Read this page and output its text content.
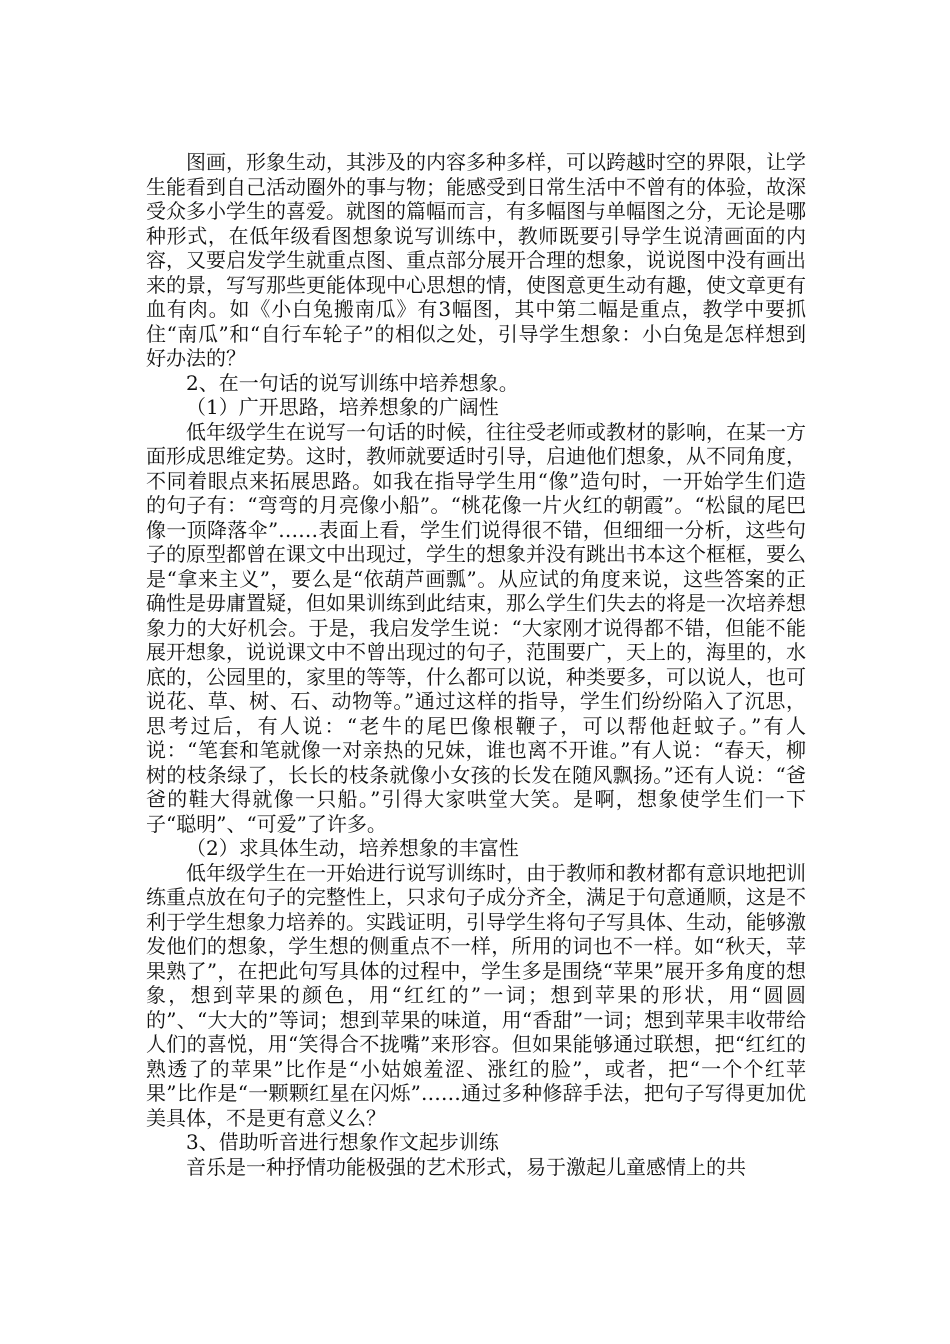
图画，形象生动，其涉及的内容多种多样，可以跨越时空的界限，让学生能看到自己活动圈外的事与物；能感受到日常生活中不曾有的体验，故深受众多小学生的喜爱。就图的篇幅而言，有多幅图与单幅图之分，无论是哪种形式，在低年级看图想象说写训练中，教师既要引导学生说清画面的内容，又要启发学生就重点图、重点部分展开合理的想象，说说图中没有画出来的景，写写那些更能体现中心思想的情，使图意更生动有趣，使文章更有血有肉。如《小白兔搬南瓜》有3幅图，其中第二幅是重点，教学中要抓住“南瓜”和“自行车轮子”的相似之处，引导学生想象：小白兔是怎样想到好办法的？

2、在一句话的说写训练中培养想象。

（1）广开思路，培养想象的广阔性

低年级学生在说写一句话的时候，往往受老师或教材的影响，在某一方面形成思维定势。这时，教师就要适时引导，启迪他们想象，从不同角度，不同着眼点来拓展思路。如我在指导学生用“像”造句时，一开始学生们造的句子有：“弯弯的月亮像小船”。“桃花像一片火红的朝霞”。“松鼠的尾巴像一顶降落伞”……表面上看，学生们说得很不错，但细细一分析，这些句子的原型都曾在课文中出现过，学生的想象并没有跳出书本这个框框，要么是“拿来主义”，要么是“依葫芦画瓢”。从应试的角度来说，这些答案的正确性是毋庸置疑，但如果训练到此结束，那么学生们失去的将是一次培养想象力的大好机会。于是，我启发学生说：“大家刚才说得都不错，但能不能展开想象，说说课文中不曾出现过的句子，范围要广，天上的，海里的，水底的，公园里的，家里的等等，什么都可以说，种类要多，可以说人，也可说花、草、树、石、动物等。”通过这样的指导，学生们纷纷陷入了沉思，思考过后，有人说：“老牛的尾巴像根鞭子，可以帮他赶蚊子。”有人说：“笔套和笔就像一对亲热的兄妹，谁也离不开谁。”有人说：“春天，柳树的枝条绿了，长长的枝条就像小女孩的长发在随风飘扬。”还有人说：“爸爸的鞋大得就像一只船。”引得大家哄堂大笑。是啊，想象使学生们一下子“聪明”、“可爱”了许多。

（2）求具体生动，培养想象的丰富性

低年级学生在一开始进行说写训练时，由于教师和教材都有意识地把训练重点放在句子的完整性上，只求句子成分齐全，满足于句意通顺，这是不利于学生想象力培养的。实践证明，引导学生将句子写具体、生动，能够激发他们的想象，学生想的侧重点不一样，所用的词也不一样。如“秋天，苹果熟了”，在把此句写具体的过程中，学生多是围绕“苹果”展开多角度的想象，想到苹果的颜色，用“红红的”一词；想到苹果的形状，用“圆圆的”、“大大的”等词；想到苹果的味道，用“香甜”一词；想到苹果丰收带给人们的喜悦，用“笑得合不拢嘴”来形容。但如果能够通过联想，把“红红的熟透了的苹果”比作是“小姑娘羞涩、涨红的脸”，或者，把“一个个红苹果”比作是“一颗颗红星在闪烁”……通过多种修辞手法，把句子写得更加优美具体，不是更有意义么？

3、借助听音进行想象作文起步训练

音乐是一种抒情功能极强的艺术形式，易于激起儿童感情上的共
